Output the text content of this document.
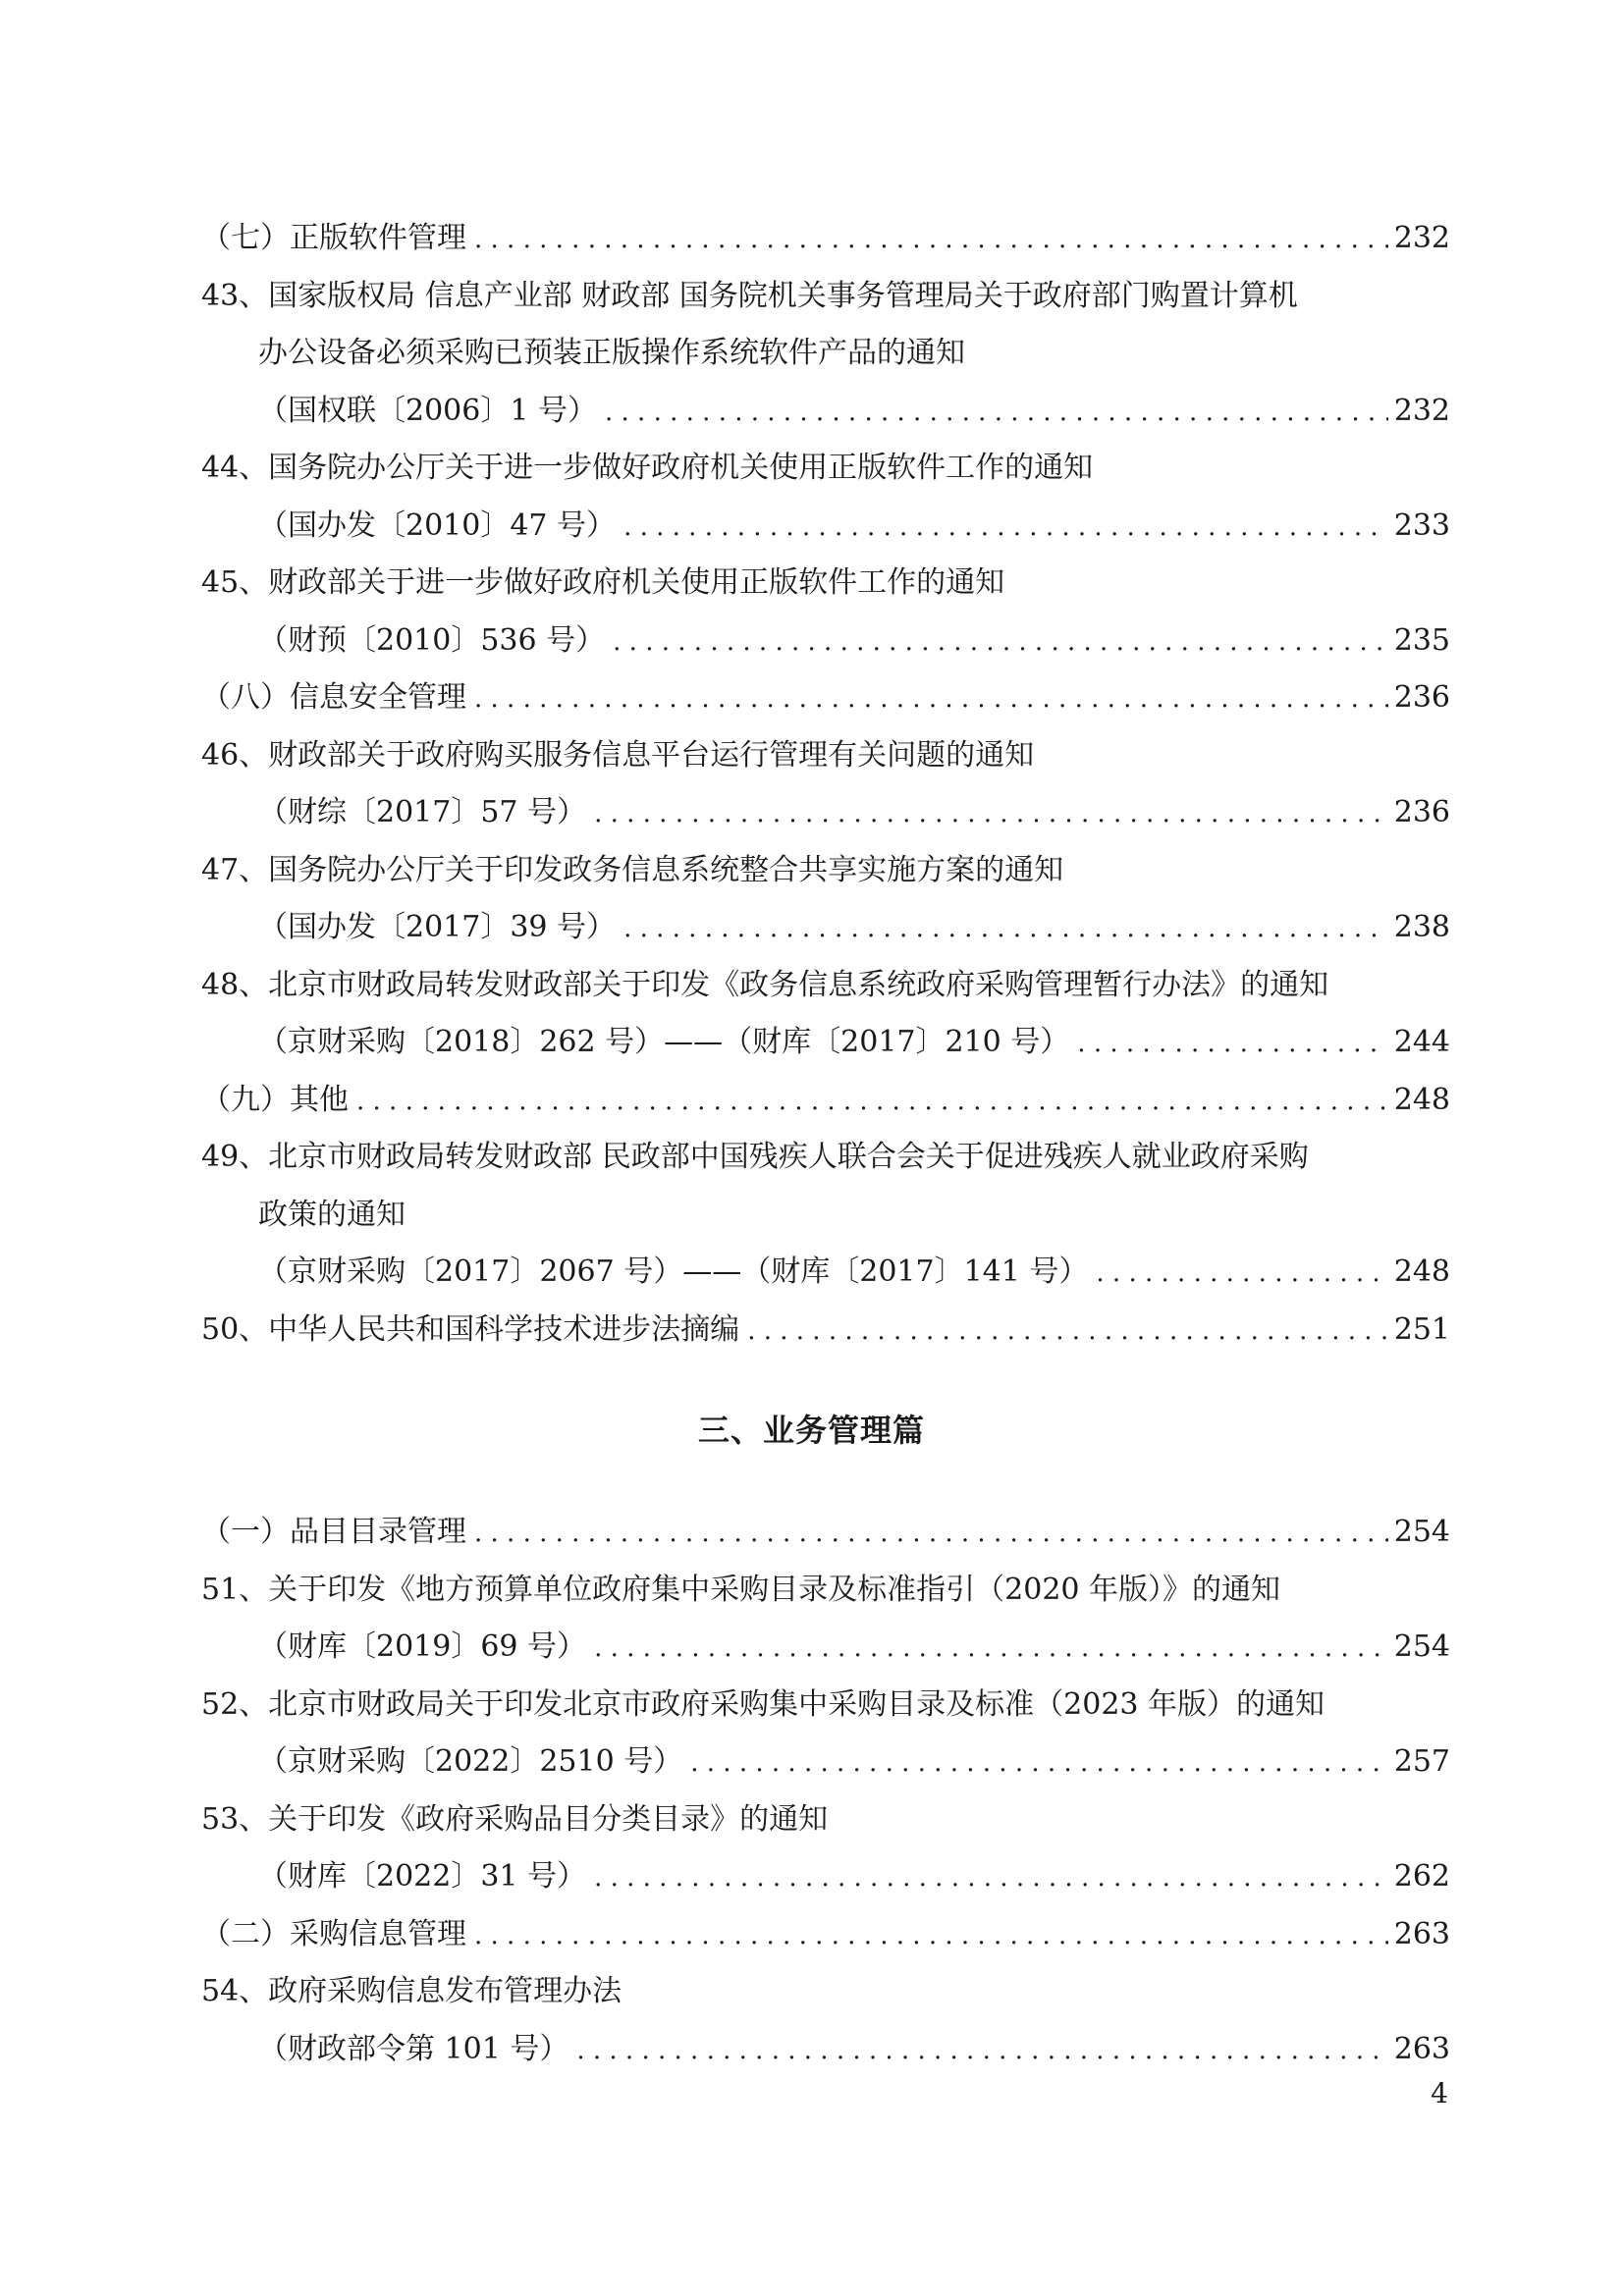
（七）正版软件管理 . . .	232
43、国家版权局 信息产业部 财政部 国务院机关事务管理局关于政府部门购置计算机
办公设备必须采购已预装正版操作系统软件产品的通知
（国权联〔2006〕1 号） . . .	232
44、国务院办公厅关于进一步做好政府机关使用正版软件工作的通知
（国办发〔2010〕47 号） . . .	233
45、财政部关于进一步做好政府机关使用正版软件工作的通知
（财预〔2010〕536 号） . . .	235
（八）信息安全管理 . . .	236
46、财政部关于政府购买服务信息平台运行管理有关问题的通知
（财综〔2017〕57 号） . . .	236
47、国务院办公厅关于印发政务信息系统整合共享实施方案的通知
（国办发〔2017〕39 号） . . .	238
48、北京市财政局转发财政部关于印发《政务信息系统政府采购管理暂行办法》的通知
（京财采购〔2018〕262 号）——（财库〔2017〕210 号） . . .	244
（九）其他 . . .	248
49、北京市财政局转发财政部 民政部中国残疾人联合会关于促进残疾人就业政府采购
政策的通知
（京财采购〔2017〕2067 号）——（财库〔2017〕141 号） . . .	248
50、中华人民共和国科学技术进步法摘编 . . .	251
三、业务管理篇
（一）品目目录管理 . . .	254
51、关于印发《地方预算单位政府集中采购目录及标准指引（2020 年版）》的通知
（财库〔2019〕69 号） . . .	254
52、北京市财政局关于印发北京市政府采购集中采购目录及标准（2023 年版）的通知
（京财采购〔2022〕2510 号） . . .	257
53、关于印发《政府采购品目分类目录》的通知
（财库〔2022〕31 号） . . .	262
（二）采购信息管理 . . .	263
54、政府采购信息发布管理办法
（财政部令第 101 号） . . .	263
4
